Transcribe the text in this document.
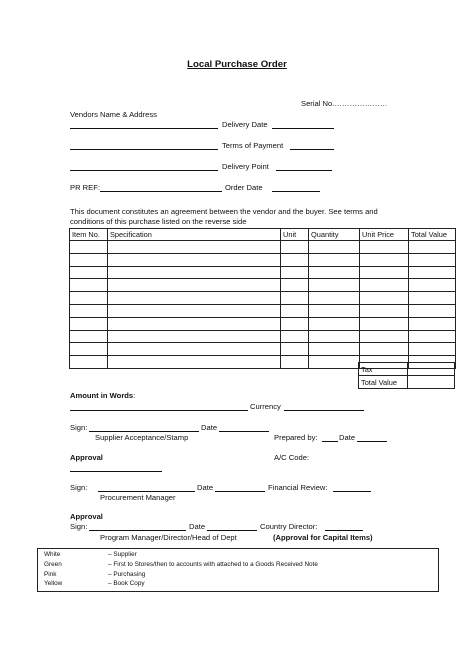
Local Purchase Order
Serial No.…………………
Vendors Name & Address
Delivery Date
Terms of Payment
Delivery Point
PR REF:	Order Date
This document constitutes an agreement between the vendor and the buyer. See terms and
conditions of this purchase listed on the reverse side
Item No.	Specification	Unit	Quantity	Unit Price	Total Value

Tax	
Total Value	
Amount in Words:
Currency
Sign:	Date
Supplier Acceptance/Stamp	Prepared by:	Date
Approval	A/C Code:
Sign:	Date	Financial Review:
Procurement Manager
Approval
Sign:	Date	Country Director:
Program Manager/Director/Head of Dept	(Approval for Capital Items)
White	– Supplier
Green	– First to Stores/then to accounts with attached to a Goods Received Note
Pink	– Purchasing
Yellow	– Book Copy
